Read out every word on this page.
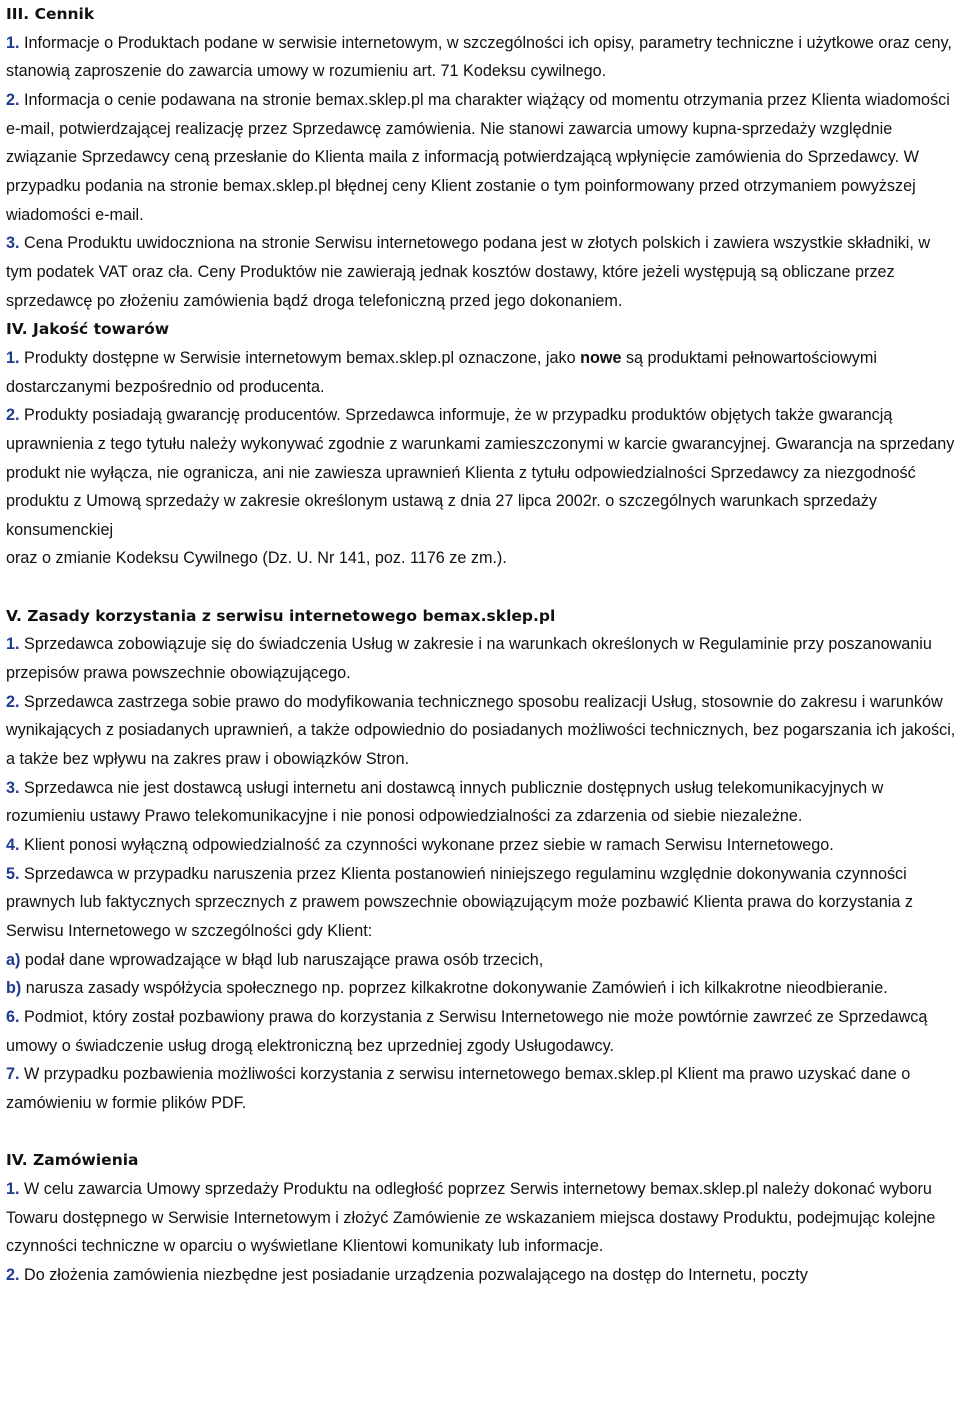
III. Cennik

1. Informacje o Produktach podane w serwisie internetowym, w szczególności ich opisy, parametry techniczne i użytkowe oraz ceny, stanowią zaproszenie do zawarcia umowy w rozumieniu art. 71 Kodeksu cywilnego.

2. Informacja o cenie podawana na stronie bemax.sklep.pl ma charakter wiążący od momentu otrzymania przez Klienta wiadomości e-mail, potwierdzającej realizację przez Sprzedawcę zamówienia. Nie stanowi zawarcia umowy kupna-sprzedaży względnie związanie Sprzedawcy ceną przesłanie do Klienta maila z informacją potwierdzającą wpłynięcie zamówienia do Sprzedawcy. W przypadku podania na stronie bemax.sklep.pl błędnej ceny Klient zostanie o tym poinformowany przed otrzymaniem powyższej wiadomości e-mail.

3. Cena Produktu uwidoczniona na stronie Serwisu internetowego podana jest w złotych polskich i zawiera wszystkie składniki, w tym podatek VAT oraz cła. Ceny Produktów nie zawierają jednak kosztów dostawy, które jeżeli występują są obliczane przez sprzedawcę po złożeniu zamówienia bądź droga telefoniczną przed jego dokonaniem.

IV. Jakość towarów

1. Produkty dostępne w Serwisie internetowym bemax.sklep.pl oznaczone, jako nowe są produktami pełnowartościowymi dostarczanymi bezpośrednio od producenta.

2. Produkty posiadają gwarancję producentów. Sprzedawca informuje, że w przypadku produktów objętych także gwarancją uprawnienia z tego tytułu należy wykonywać zgodnie z warunkami zamieszczonymi w karcie gwarancyjnej. Gwarancja na sprzedany produkt nie wyłącza, nie ogranicza, ani nie zawiesza uprawnień Klienta z tytułu odpowiedzialności Sprzedawcy za niezgodność produktu z Umową sprzedaży w zakresie określonym ustawą z dnia 27 lipca 2002r. o szczególnych warunkach sprzedaży konsumenckiej

oraz o zmianie Kodeksu Cywilnego (Dz. U. Nr 141, poz. 1176 ze zm.).

V. Zasady korzystania z serwisu internetowego bemax.sklep.pl

1. Sprzedawca zobowiązuje się do świadczenia Usług w zakresie i na warunkach określonych w Regulaminie przy poszanowaniu przepisów prawa powszechnie obowiązującego.

2. Sprzedawca zastrzega sobie prawo do modyfikowania technicznego sposobu realizacji Usług, stosownie do zakresu i warunków wynikających z posiadanych uprawnień, a także odpowiednio do posiadanych możliwości technicznych, bez pogarszania ich jakości, a także bez wpływu na zakres praw i obowiązków Stron.

3. Sprzedawca nie jest dostawcą usługi internetu ani dostawcą innych publicznie dostępnych usług telekomunikacyjnych w rozumieniu ustawy Prawo telekomunikacyjne i nie ponosi odpowiedzialności za zdarzenia od siebie niezależne.

4. Klient ponosi wyłączną odpowiedzialność za czynności wykonane przez siebie w ramach Serwisu Internetowego.

5. Sprzedawca w przypadku naruszenia przez Klienta postanowień niniejszego regulaminu względnie dokonywania czynności prawnych lub faktycznych sprzecznych z prawem powszechnie obowiązującym może pozbawić Klienta prawa do korzystania z Serwisu Internetowego w szczególności gdy Klient:

a) podał dane wprowadzające w błąd lub naruszające prawa osób trzecich,

b) narusza zasady współżycia społecznego np. poprzez kilkakrotne dokonywanie Zamówień i ich kilkakrotne nieodbieranie.

6. Podmiot, który został pozbawiony prawa do korzystania z Serwisu Internetowego nie może powtórnie zawrzeć ze Sprzedawcą umowy o świadczenie usług drogą elektroniczną bez uprzedniej zgody Usługodawcy.

7. W przypadku pozbawienia możliwości korzystania z serwisu internetowego bemax.sklep.pl Klient ma prawo uzyskać dane o zamówieniu w formie plików PDF.

IV. Zamówienia

1. W celu zawarcia Umowy sprzedaży Produktu na odległość poprzez Serwis internetowy bemax.sklep.pl należy dokonać wyboru Towaru dostępnego w Serwisie Internetowym i złożyć Zamówienie ze wskazaniem miejsca dostawy Produktu, podejmując kolejne czynności techniczne w oparciu o wyświetlane Klientowi komunikaty lub informacje.

2. Do złożenia zamówienia niezbędne jest posiadanie urządzenia pozwalającego na dostęp do Internetu, poczty
